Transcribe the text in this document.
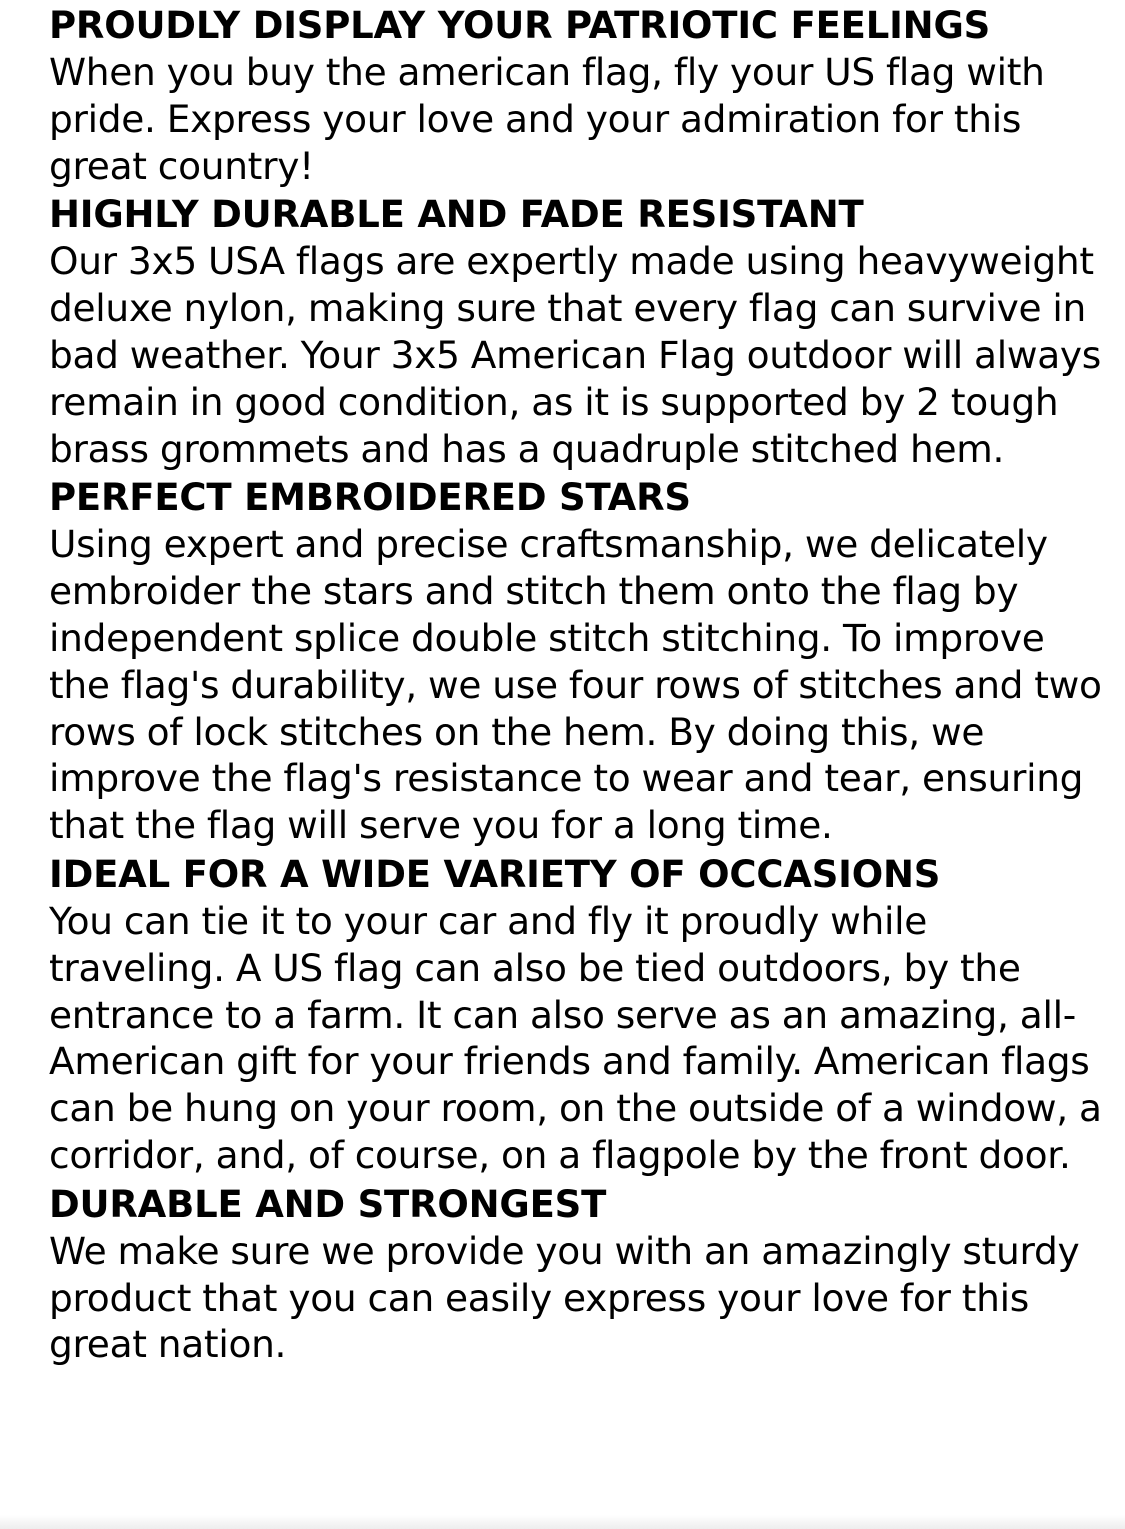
PROUDLY DISPLAY YOUR PATRIOTIC FEELINGS

When you buy the american flag, fly your US flag with pride. Express your love and your admiration for this great country!

HIGHLY DURABLE AND FADE RESISTANT

Our 3x5 USA flags are expertly made using heavyweight deluxe nylon, making sure that every flag can survive in bad weather. Your 3x5 American Flag outdoor will always remain in good condition, as it is supported by 2 tough brass grommets and has a quadruple stitched hem.

PERFECT EMBROIDERED STARS

Using expert and precise craftsmanship, we delicately embroider the stars and stitch them onto the flag by independent splice double stitch stitching. To improve the flag's durability, we use four rows of stitches and two rows of lock stitches on the hem. By doing this, we improve the flag's resistance to wear and tear, ensuring that the flag will serve you for a long time.

IDEAL FOR A WIDE VARIETY OF OCCASIONS

You can tie it to your car and fly it proudly while traveling. A US flag can also be tied outdoors, by the entrance to a farm. It can also serve as an amazing, all-American gift for your friends and family. American flags can be hung on your room, on the outside of a window, a corridor, and, of course, on a flagpole by the front door.

DURABLE AND STRONGEST

We make sure we provide you with an amazingly sturdy product that you can easily express your love for this great nation.
